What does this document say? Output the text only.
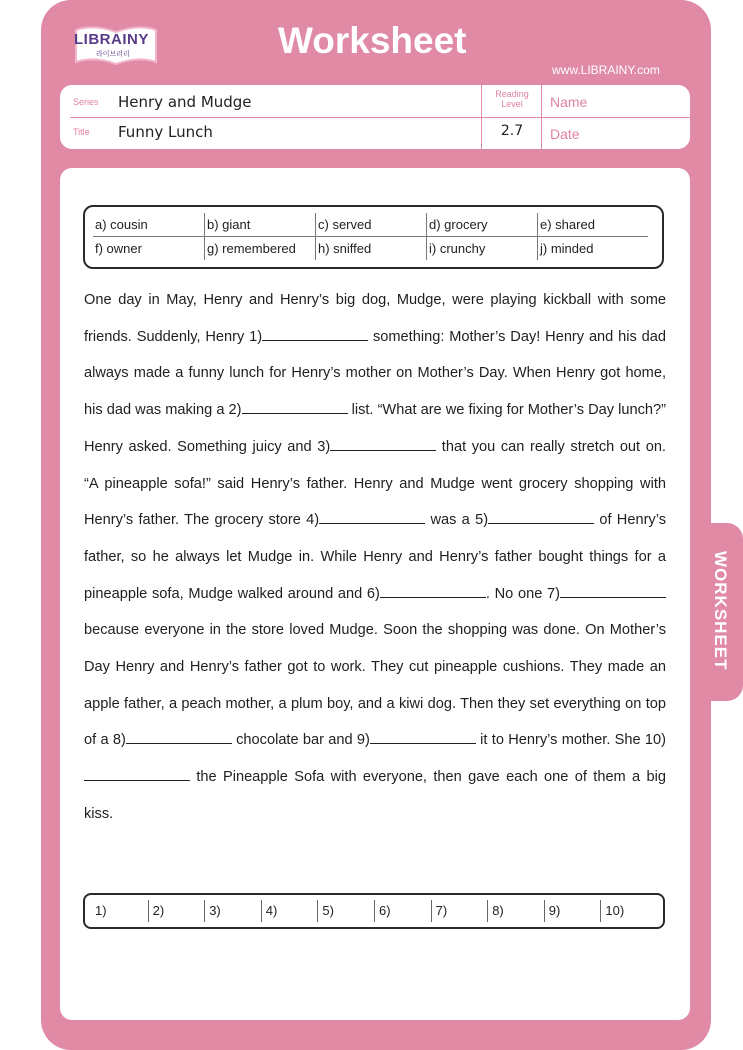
WORKSHEET
LIBRAINY
라이브러리	Worksheet
www.LIBRAINY.com
Series Henry and Mudge
Title Funny Lunch
Reading
Level
2.7
Name
Date
a) cousin	b) giant	c) served	d) grocery	e) shared
f) owner	g) remembered	h) sniffed	i) crunchy	j) minded
One day in May, Henry and Henry’s big dog, Mudge, were playing kickball with some friends. Suddenly, Henry 1)	something: Mother’s Day! Henry and his dad always made a funny lunch for Henry’s mother on Mother’s Day. When Henry got home, his dad was making a 2)	list. “What are we fixing for Mother’s Day lunch?” Henry asked. Something juicy and 3)	that you can really stretch out on. “A pineapple sofa!” said Henry’s father. Henry and Mudge went grocery shopping with Henry’s father. The grocery store 4)	was a 5)	of Henry’s father, so he always let Mudge in. While Henry and Henry’s father bought things for a pineapple sofa, Mudge walked around and 6)	. No one 7) because everyone in the store loved Mudge. Soon the shopping was done. On Mother’s Day Henry and Henry’s father got to work. They cut pineapple cushions. They made an apple father, a peach mother, a plum boy, and a kiwi dog. Then they set everything on top of a 8)	chocolate bar and 9)	it to Henry’s mother. She 10) the Pineapple Sofa with everyone, then gave each one of them a big kiss.
1)	2)	3)	4)	5)	6)	7)	8)	9)	10)
